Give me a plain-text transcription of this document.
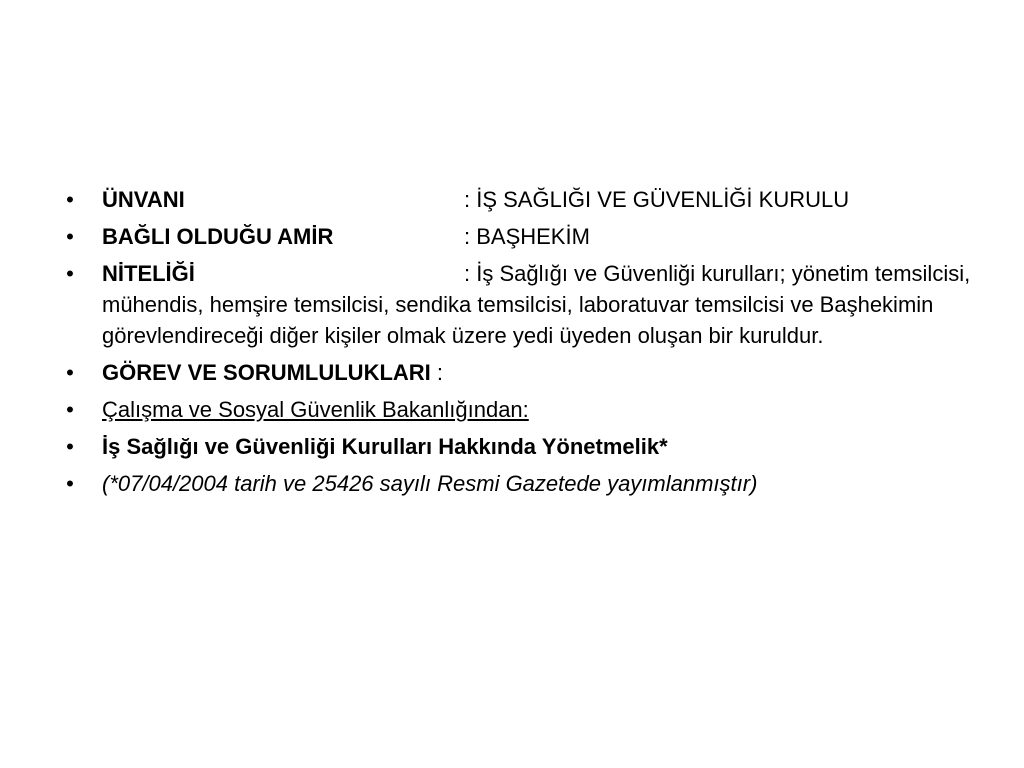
• ÜNVANI	: İŞ SAĞLIĞI VE GÜVENLİĞİ KURULU
• BAĞLI OLDUĞU AMİR	: BAŞHEKİM
• NİTELİĞİ	: İş Sağlığı ve Güvenliği kurulları; yönetim temsilcisi, mühendis, hemşire temsilcisi, sendika temsilcisi, laboratuvar temsilcisi ve Başhekimin görevlendireceği diğer kişiler olmak üzere yedi üyeden oluşan bir kuruldur.
• GÖREV VE SORUMLULUKLARI :
• Çalışma ve Sosyal Güvenlik Bakanlığından:
• İş Sağlığı ve Güvenliği Kurulları Hakkında Yönetmelik*
• (*07/04/2004 tarih ve 25426 sayılı Resmi Gazetede yayımlanmıştır)
